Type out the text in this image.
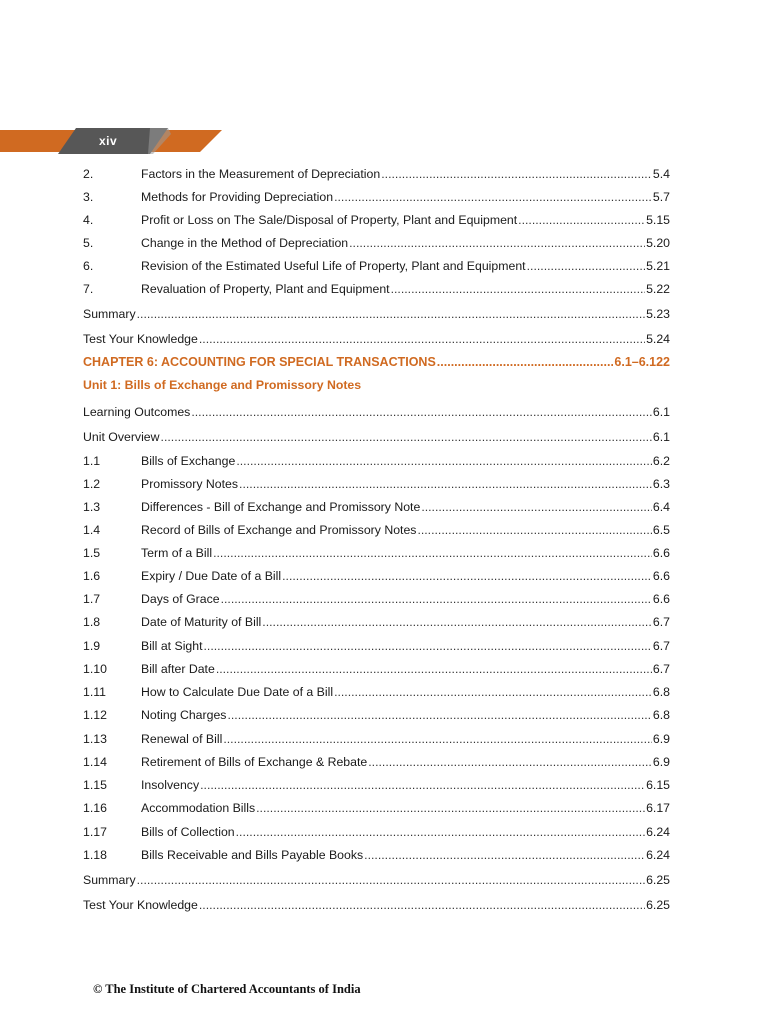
xiv
2.	Factors in the Measurement of Depreciation .....	5.4
3.	Methods for Providing Depreciation .....	5.7
4.	Profit or Loss on The Sale/Disposal of Property, Plant and Equipment .....	5.15
5.	Change in the Method of Depreciation .....	5.20
6.	Revision of the Estimated Useful Life of Property, Plant and Equipment .....	5.21
7.	Revaluation of Property, Plant and Equipment .....	5.22
Summary .....	5.23
Test Your Knowledge .....	5.24
CHAPTER 6: ACCOUNTING FOR SPECIAL TRANSACTIONS .....	6.1–6.122
Unit 1: Bills of Exchange and Promissory Notes
Learning Outcomes .....	6.1
Unit Overview .....	6.1
1.1	Bills of Exchange .....	6.2
1.2	Promissory Notes .....	6.3
1.3	Differences - Bill of Exchange and Promissory Note .....	6.4
1.4	Record of Bills of Exchange and Promissory Notes .....	6.5
1.5	Term of a Bill .....	6.6
1.6	Expiry / Due Date of a Bill .....	6.6
1.7	Days of Grace .....	6.6
1.8	Date of Maturity of Bill .....	6.7
1.9	Bill at Sight .....	6.7
1.10	Bill after Date .....	6.7
1.11	How to Calculate Due Date of a Bill .....	6.8
1.12	Noting Charges .....	6.8
1.13	Renewal of Bill .....	6.9
1.14	Retirement of Bills of Exchange & Rebate .....	6.9
1.15	Insolvency .....	6.15
1.16	Accommodation Bills .....	6.17
1.17	Bills of Collection .....	6.24
1.18	Bills Receivable and Bills Payable Books .....	6.24
Summary .....	6.25
Test Your Knowledge .....	6.25
© The Institute of Chartered Accountants of India
